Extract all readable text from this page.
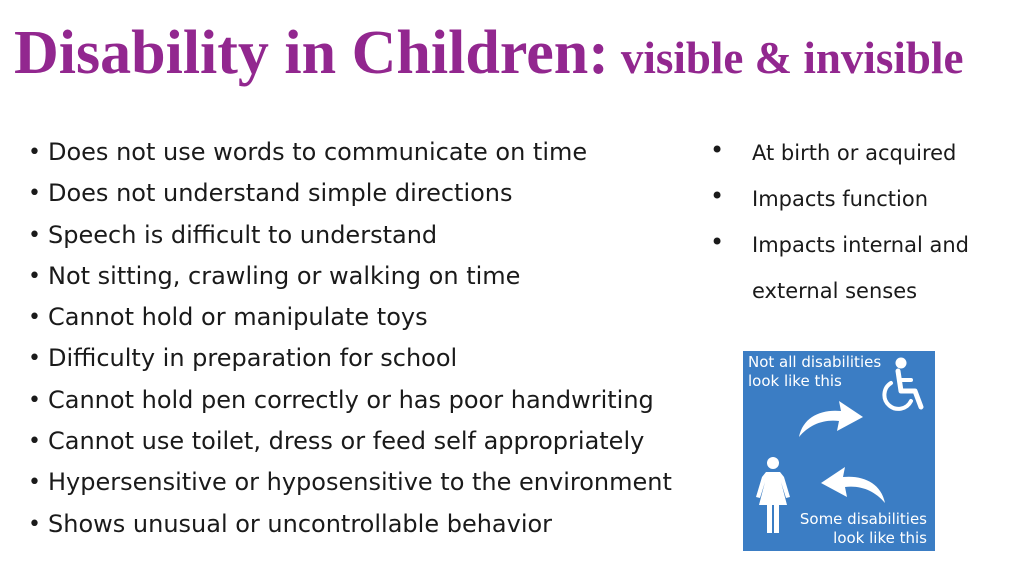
Disability in Children: visible & invisible
• Does not use words to communicate on time
• Does not understand simple directions
• Speech is difficult to understand
• Not sitting, crawling or walking on time
• Cannot hold or manipulate toys
• Difficulty in preparation for school
• Cannot hold pen correctly or has poor handwriting
• Cannot use toilet, dress or feed self appropriately
• Hypersensitive or hyposensitive to the environment
• Shows unusual or uncontrollable behavior
• At birth or acquired
• Impacts function
• Impacts internal and external senses
Not all disabilities
look like this
Some disabilities
look like this
